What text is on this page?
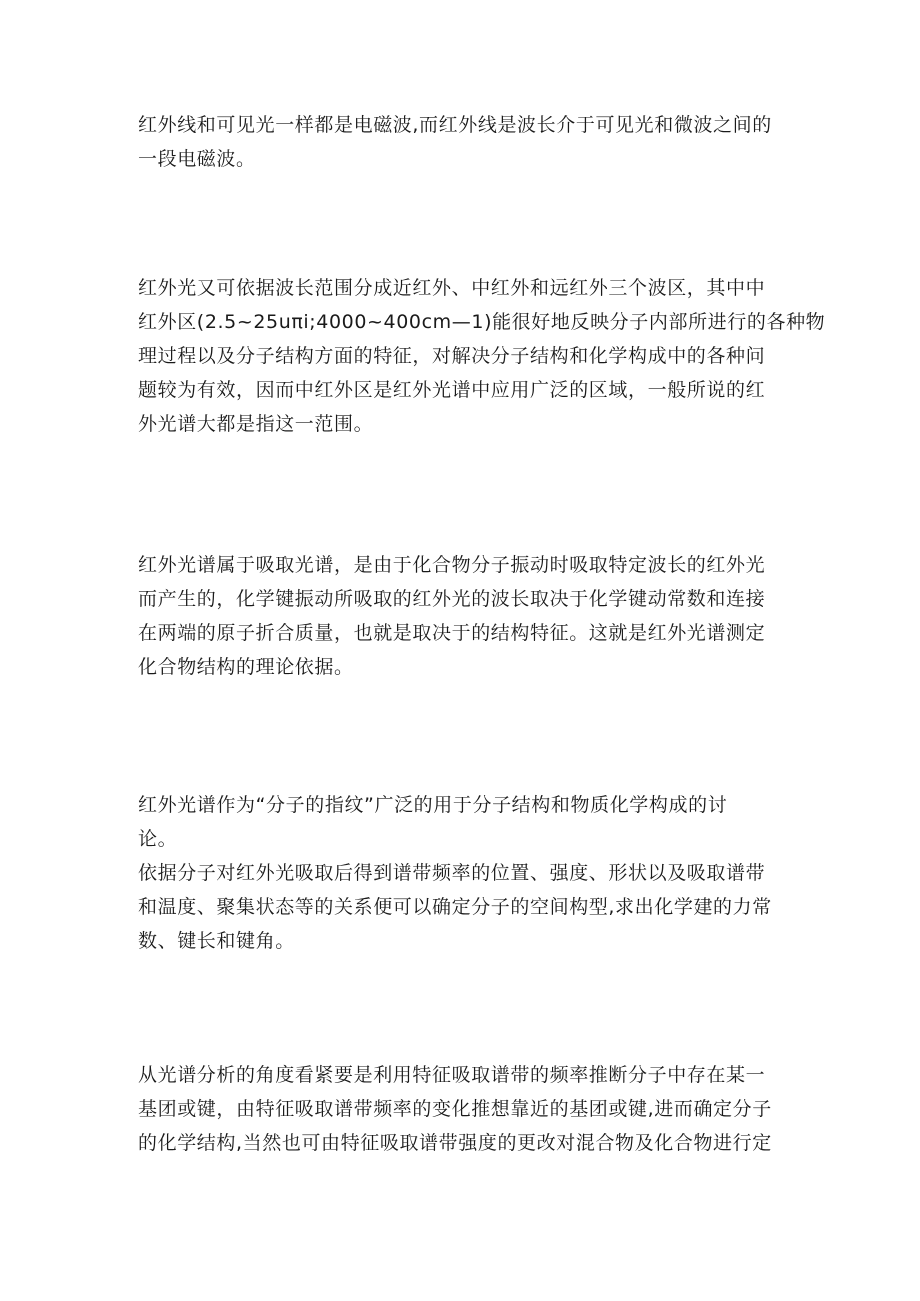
红外线和可见光一样都是电磁波,而红外线是波长介于可见光和微波之间的
一段电磁波。

红外光又可依据波长范围分成近红外、中红外和远红外三个波区，其中中
红外区(2.5~25uπi;4000~400cm—1)能很好地反映分子内部所进行的各种物
理过程以及分子结构方面的特征，对解决分子结构和化学构成中的各种问
题较为有效，因而中红外区是红外光谱中应用广泛的区域，一般所说的红
外光谱大都是指这一范围。

红外光谱属于吸取光谱，是由于化合物分子振动时吸取特定波长的红外光
而产生的，化学键振动所吸取的红外光的波长取决于化学键动常数和连接
在两端的原子折合质量，也就是取决于的结构特征。这就是红外光谱测定
化合物结构的理论依据。

红外光谱作为“分子的指纹”广泛的用于分子结构和物质化学构成的讨
论。
依据分子对红外光吸取后得到谱带频率的位置、强度、形状以及吸取谱带
和温度、聚集状态等的关系便可以确定分子的空间构型,求出化学建的力常
数、键长和键角。

从光谱分析的角度看紧要是利用特征吸取谱带的频率推断分子中存在某一
基团或键，由特征吸取谱带频率的变化推想靠近的基团或键,进而确定分子
的化学结构,当然也可由特征吸取谱带强度的更改对混合物及化合物进行定
